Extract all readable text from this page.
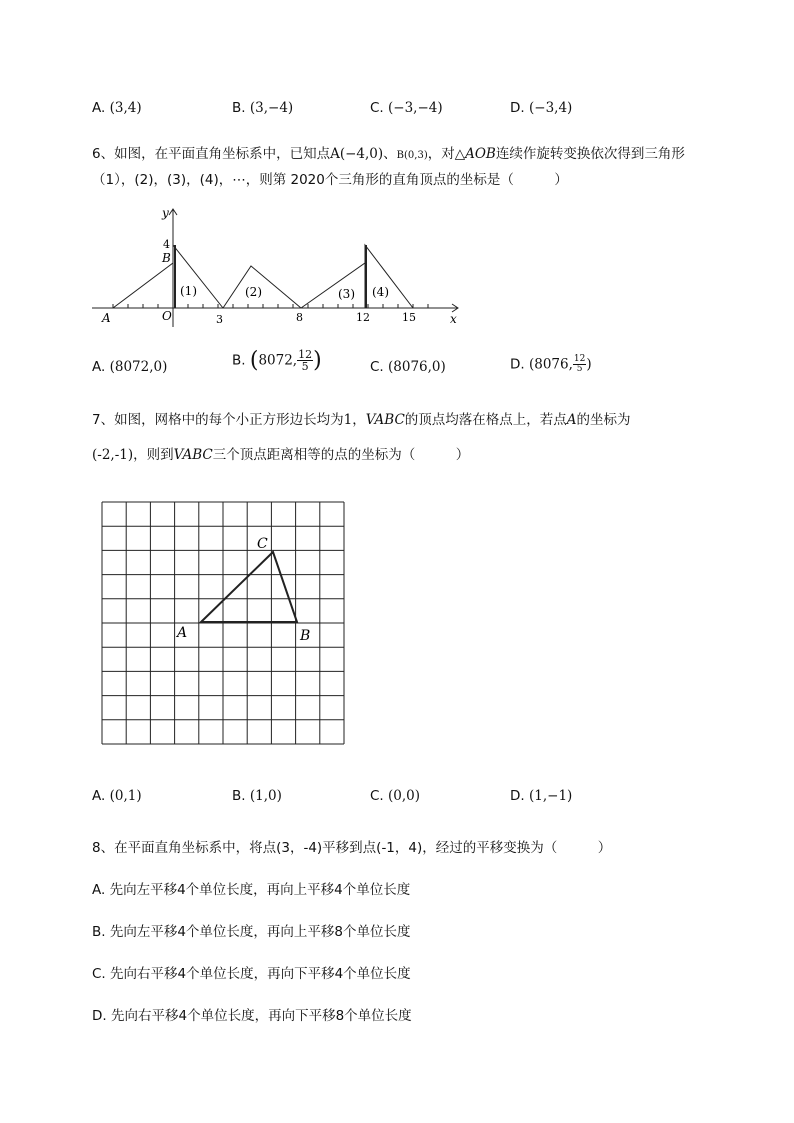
A. (3,4)	B. (3,−4)	C. (−3,−4)	D. (−3,4)
6、如图，在平面直角坐标系中，已知点A(−4,0)、B(0,3)，对△AOB连续作旋转变换依次得到三角形
（1），(2)，(3)，(4)，⋯，则第 2020个三角形的直角顶点的坐标是（　　　）
y
x
4
B
A	O
(1)	(2)	(3) (4)
3	8	12	15
A. (8072,0)	B. (8072, $\frac{12}{5}$ )	C. (8076,0)	D. (8076, $\frac{12}{5}$ )
7、如图，网格中的每个小正方形边长均为1，VABC的顶点均落在格点上，若点A的坐标为
(-2,-1)，则到VABC三个顶点距离相等的点的坐标为（　　　）
C
A	B
A. (0,1)	B. (1,0)	C. (0,0)	D. (1,−1)
8、在平面直角坐标系中，将点(3，-4)平移到点(-1，4)，经过的平移变换为（　　　）
A. 先向左平移4个单位长度，再向上平移4个单位长度
B. 先向左平移4个单位长度，再向上平移8个单位长度
C. 先向右平移4个单位长度，再向下平移4个单位长度
D. 先向右平移4个单位长度，再向下平移8个单位长度
